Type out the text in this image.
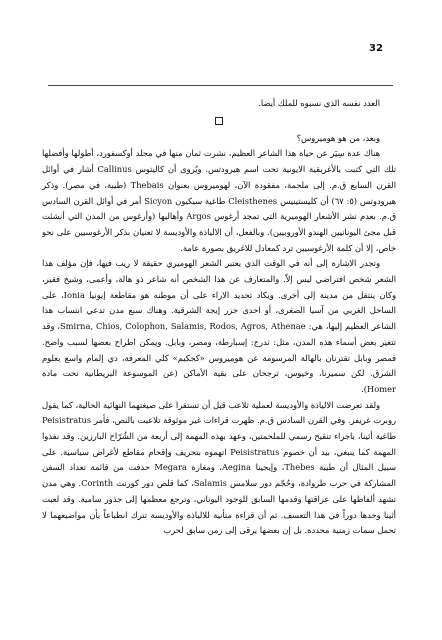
32

العدد نفسه الذي نسبوه للملك أيضا.

وبعد، من هو هوميروس؟

هناك عدة سِيَر عن حياة هذا الشاعر العظيم، نشرت ثمان منها في مجلد أوكسفورد، أطولها وأفضلها تلك التي كتبت بالأغريقية الايونية تحت اسم هيرودتس. ويُروى أن كاليتوس Callinus أشار في أوائل القرن السابع ق.م. إلى ملحمة، مفقودة الآن، لهوميروس بعنوان Thebais (طيبة، في مصر). وذكر هيرودوتس (٥: ٦٧) أن كليستينيس Cleisthenes طاغية سيكيون Sicyon أمر في أوائل القرن السادس ق.م. بعدم نشر الأشعار الهوميرية التي تمجد أرغوس Argos وأهاليها (وأرغوس من المدن التي أنشئت قبل مجئ اليونانيين الهندو الأوروبيين). وبالفعل، أن الالياذة والأوديسة لا تعنيان بذكر الأرغوسيين على نحو خاص، إلا أن كلمة الأرغوسيين ترد كمعادل للاغريق بصورة عامة.

وتجدر الاشارة إلى أنه في الوقت الذي يعتبر الشعر الهوميري حقيقة لا ريب فيها، فإن مؤلف هذا الشعر شخص افتراضي ليس إلاّ. والمتعارف عن هذا الشخص أنه شاعر ذو هالة، وأعمى، وشيخ فقير، وكان ينتقل من مدينة إلى أخرى. ويكاد تحديد الاراء على أن موطنه هو مقاطعة إيونيا Ionia، على الساحل الغربي من آسيا الصغرى، أو احدى جزر إيجة الشرقية. وهناك سبع مدن تدعي انتساب هذا الشاعر العظيم إليها، هي: Smirna, Chios, Colophon, Salamis, Rodos, Agros, Athenae، وقد تتغير بعض أسماء هذه المدن، مثل: تدرج: إسبارطة، ومصر، وبابل. ويمكن اطراح بعضها لسبب واضح. فمصر وبابل تقترنان بالهالة المرسومة عن هوميروس «كحكيم» كلي المعرفة، ذي إلمام واسع بعلوم الشرق. لكن سميرنا، وخيوس، ترجحان على بقية الأماكن (عن الموسوعة البريطانية تحت مادة Homer).

ولقد تعرضت الالياذة والأوديسة لعملية تلاعب قبل أن تستقرا على صيغتهما النهائية الحالية، كما يقول روبرت غريفز. وفي القرن السادس ق.م. ظهرت قراءات غير موثوقة تلاعبت بالنص، فأمر Peisistratus طاغية أثينا، باجراء تنقيح رسمي للملحمتين، وعهد بهذه المهمة إلى أربعة من الشُرّاح البارزين. وقد نفذوا المهمة كما ينبغي، بيد أن خصوم Peisistratus اتهموه بتحريف وإقحام مقاطع لأغراض سياسية. على سبيل المثال أن طيبة Thebes، وإيجينا Aegina، ومغارة Megara حذفت من قائمة تعداد السفن المشاركة في حرب طروادة، وحُجّم دور سلامس Salamis، كما قلص دور كورنث Corinth. وهي مدن تشهد ألفاظها على عراقتها وقدمها السابق للوجود اليوناني، وترجع معظمها إلى جذور سامية. وقد لعبت أثينا وحدها دوراً في هذا التعسف. ثم أن قراءة متأنية للالياذة والأوديسة تترك انطباعاً بأن مواضيعهما لا تحمل سمات زمنية محددة. بل إن بعضها يرقى إلى زمن سابق لحرب
